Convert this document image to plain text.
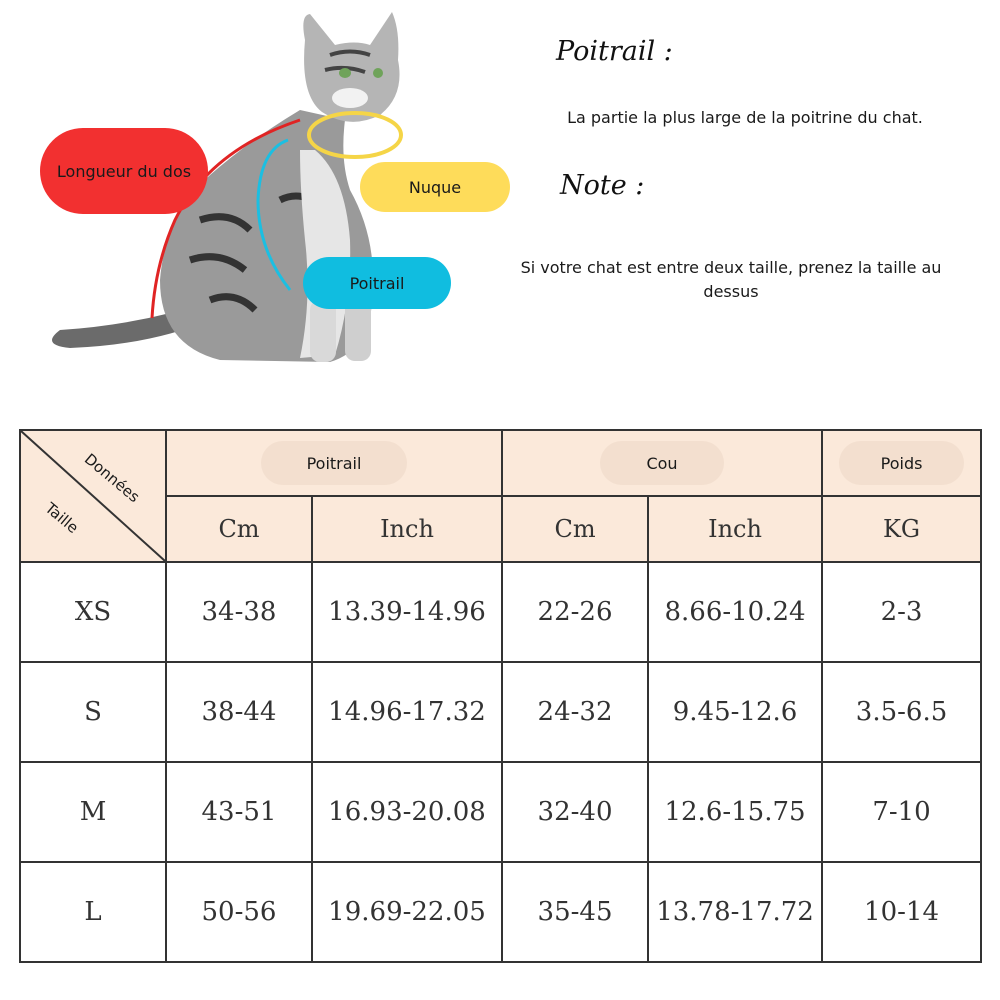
Longueur du dos
Nuque
Poitrail
Poitrail :
La partie la plus large de la poitrine du chat.
Note :
Si votre chat est entre deux taille, prenez la taille au dessus
Données
Taille	Poitrail		Cou		Poids
	Cm	Inch	Cm	Inch	KG
XS	34-38	13.39-14.96	22-26	8.66-10.24	2-3
S	38-44	14.96-17.32	24-32	9.45-12.6	3.5-6.5
M	43-51	16.93-20.08	32-40	12.6-15.75	7-10
L	50-56	19.69-22.05	35-45	13.78-17.72	10-14
